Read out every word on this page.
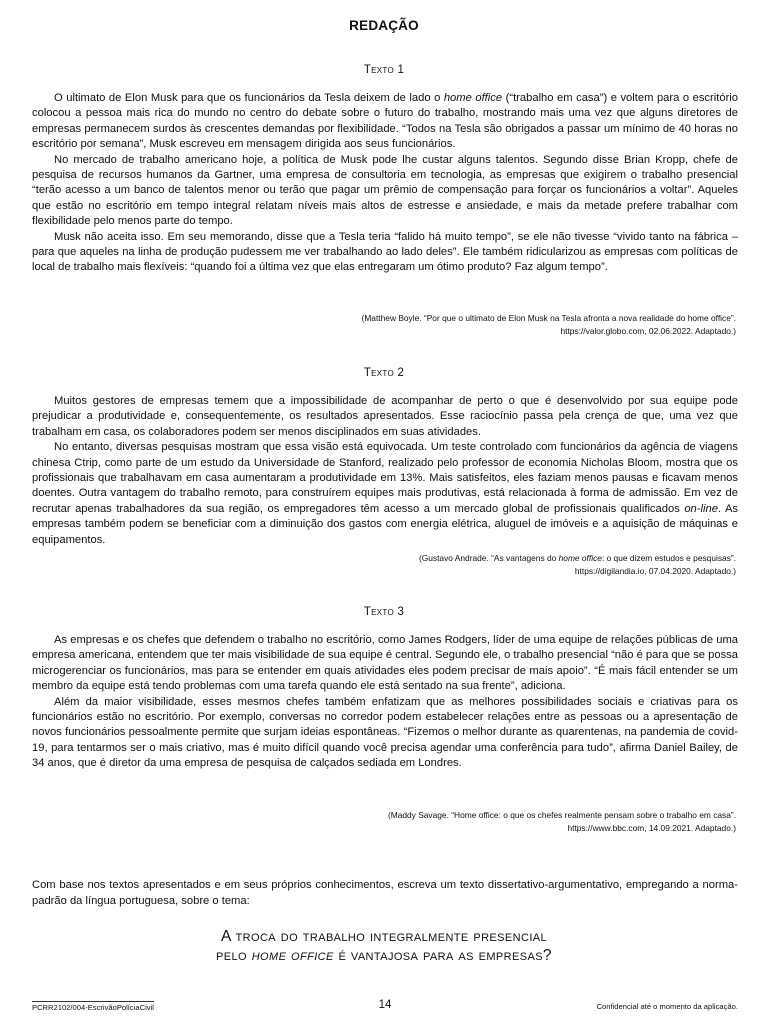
REDAÇÃO
Texto 1

O ultimato de Elon Musk para que os funcionários da Tesla deixem de lado o home office (“trabalho em casa”) e voltem para o escritório colocou a pessoa mais rica do mundo no centro do debate sobre o futuro do trabalho, mostrando mais uma vez que alguns diretores de empresas permanecem surdos às crescentes demandas por flexibilidade. “Todos na Tesla são obrigados a passar um mínimo de 40 horas no escritório por semana”, Musk escreveu em mensagem dirigida aos seus funcionários.

No mercado de trabalho americano hoje, a política de Musk pode lhe custar alguns talentos. Segundo disse Brian Kropp, chefe de pesquisa de recursos humanos da Gartner, uma empresa de consultoria em tecnologia, as empresas que exigirem o trabalho presencial “terão acesso a um banco de talentos menor ou terão que pagar um prêmio de compensação para forçar os funcionários a voltar”. Aqueles que estão no escritório em tempo integral relatam níveis mais altos de estresse e ansiedade, e mais da metade prefere trabalhar com flexibilidade pelo menos parte do tempo.

Musk não aceita isso. Em seu memorando, disse que a Tesla teria “falido há muito tempo”, se ele não tivesse “vivido tanto na fábrica – para que aqueles na linha de produção pudessem me ver trabalhando ao lado deles”. Ele também ridicularizou as empresas com políticas de local de trabalho mais flexíveis: “quando foi a última vez que elas entregaram um ótimo produto? Faz algum tempo”.

(Matthew Boyle. “Por que o ultimato de Elon Musk na Tesla afronta a nova realidade do home office”.
https://valor.globo.com, 02.06.2022. Adaptado.)
Texto 2

Muitos gestores de empresas temem que a impossibilidade de acompanhar de perto o que é desenvolvido por sua equipe pode prejudicar a produtividade e, consequentemente, os resultados apresentados. Esse raciocínio passa pela crença de que, uma vez que trabalham em casa, os colaboradores podem ser menos disciplinados em suas atividades.

No entanto, diversas pesquisas mostram que essa visão está equivocada. Um teste controlado com funcionários da agência de viagens chinesa Ctrip, como parte de um estudo da Universidade de Stanford, realizado pelo professor de economia Nicholas Bloom, mostra que os profissionais que trabalhavam em casa aumentaram a produtividade em 13%. Mais satisfeitos, eles faziam menos pausas e ficavam menos doentes. Outra vantagem do trabalho remoto, para construírem equipes mais produtivas, está relacionada à forma de admissão. Em vez de recrutar apenas trabalhadores da sua região, os empregadores têm acesso a um mercado global de profissionais qualificados on-line. As empresas também podem se beneficiar com a diminuição dos gastos com energia elétrica, aluguel de imóveis e a aquisição de máquinas e equipamentos.

(Gustavo Andrade. “As vantagens do home office: o que dizem estudos e pesquisas”.
https://digilandia.io, 07.04.2020. Adaptado.)
Texto 3

As empresas e os chefes que defendem o trabalho no escritório, como James Rodgers, líder de uma equipe de relações públicas de uma empresa americana, entendem que ter mais visibilidade de sua equipe é central. Segundo ele, o trabalho presencial “não é para que se possa microgerenciar os funcionários, mas para se entender em quais atividades eles podem precisar de mais apoio”. “É mais fácil entender se um membro da equipe está tendo problemas com uma tarefa quando ele está sentado na sua frente”, adiciona.

Além da maior visibilidade, esses mesmos chefes também enfatizam que as melhores possibilidades sociais e criativas para os funcionários estão no escritório. Por exemplo, conversas no corredor podem estabelecer relações entre as pessoas ou a apresentação de novos funcionários pessoalmente permite que surjam ideias espontâneas. “Fizemos o melhor durante as quarentenas, na pandemia de covid-19, para tentarmos ser o mais criativo, mas é muito difícil quando você precisa agendar uma conferência para tudo”, afirma Daniel Bailey, de 34 anos, que é diretor da uma empresa de pesquisa de calçados sediada em Londres.

(Maddy Savage. “Home office: o que os chefes realmente pensam sobre o trabalho em casa”.
https://www.bbc.com, 14.09.2021. Adaptado.)
Com base nos textos apresentados e em seus próprios conhecimentos, escreva um texto dissertativo-argumentativo, empregando a norma-padrão da língua portuguesa, sobre o tema:
A troca do trabalho integralmente presencial
pelo home office é vantajosa para as empresas?
PCRR2102/004-EscrivãoPolíciaCivil	14	Confidencial até o momento da aplicação.
